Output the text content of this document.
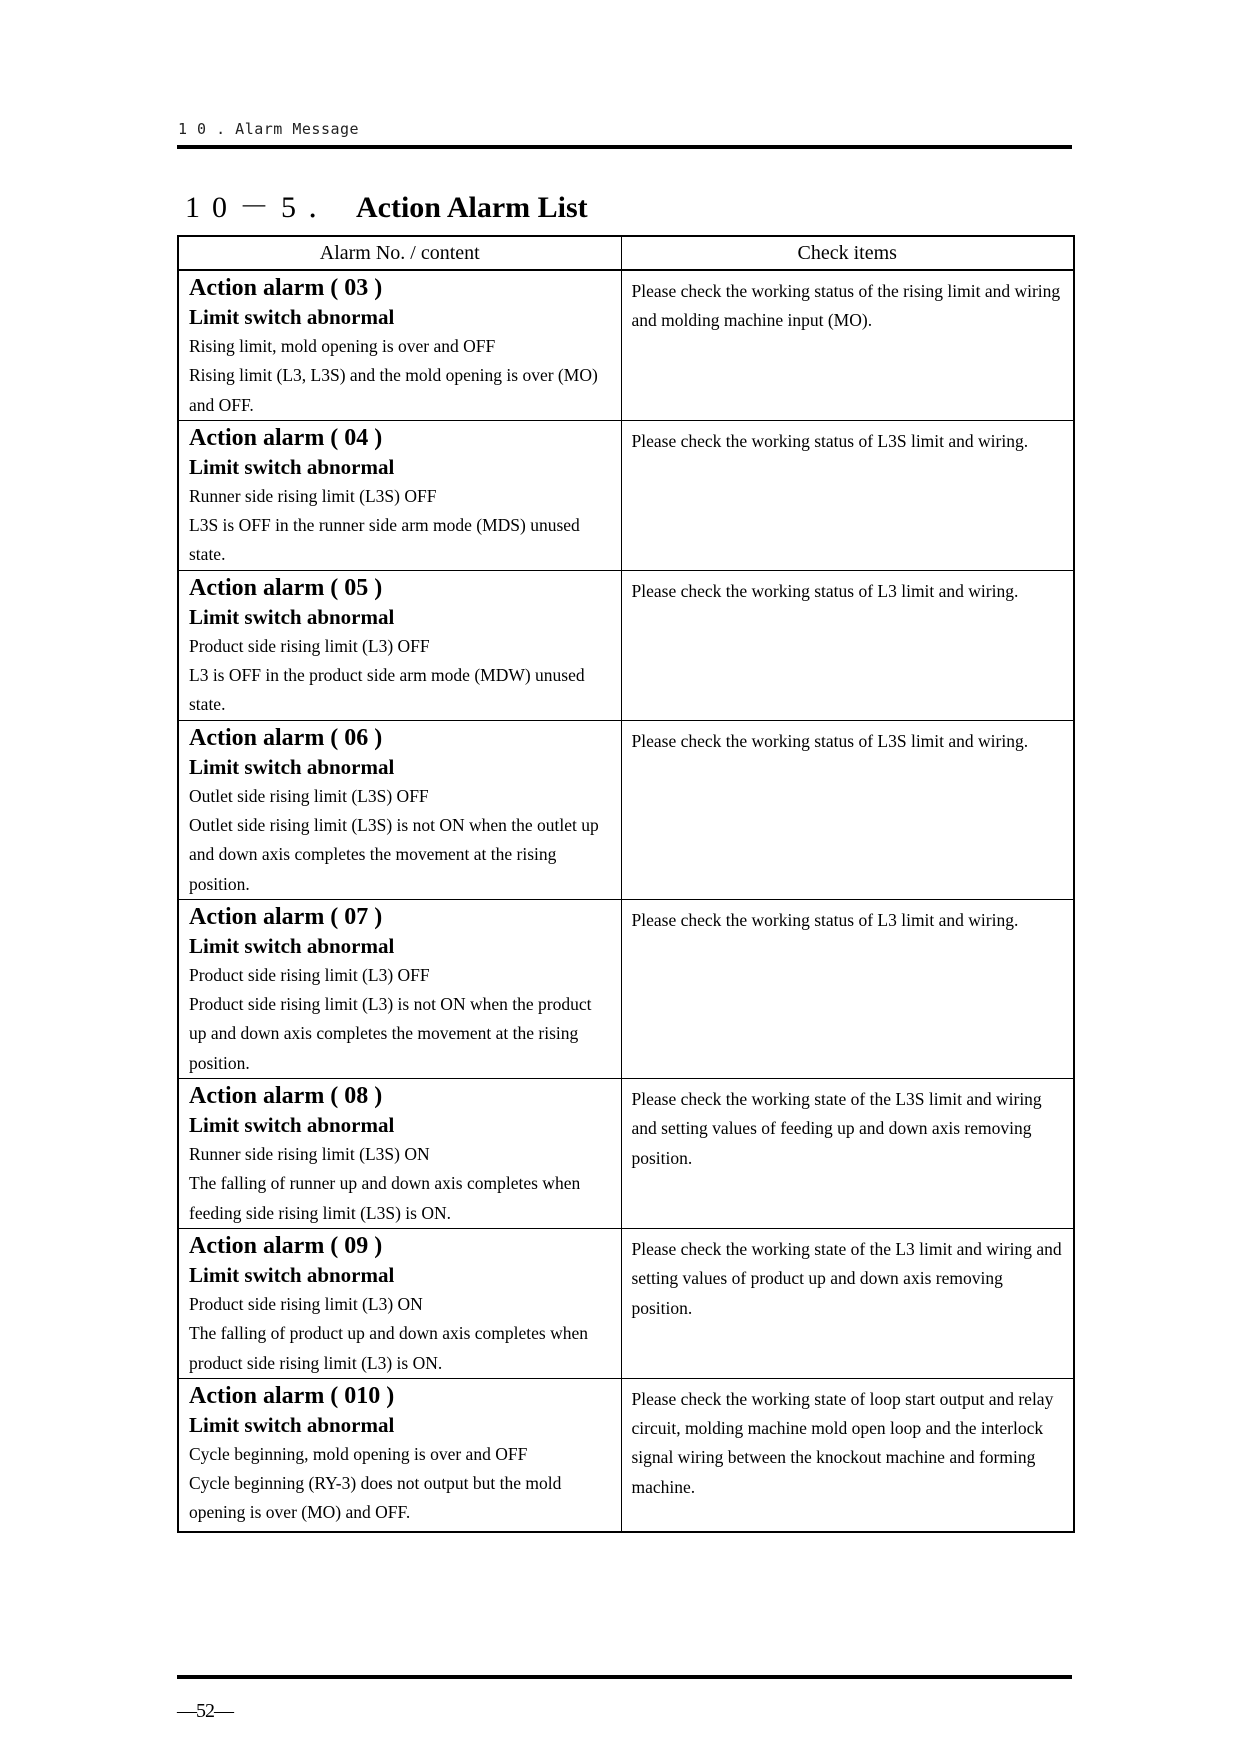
1 0 . Alarm Message
10－5． Action Alarm List
Alarm No. / content	Check items

Action alarm ( 03 )
Limit switch abnormal
Rising limit, mold opening is over and OFF
Rising limit (L3, L3S) and the mold opening is over (MO) and OFF.	Please check the working status of the rising limit and wiring and molding machine input (MO).

Action alarm ( 04 )
Limit switch abnormal
Runner side rising limit (L3S) OFF
L3S is OFF in the runner side arm mode (MDS) unused state.	Please check the working status of L3S limit and wiring.

Action alarm ( 05 )
Limit switch abnormal
Product side rising limit (L3) OFF
L3 is OFF in the product side arm mode (MDW) unused state.	Please check the working status of L3 limit and wiring.

Action alarm ( 06 )
Limit switch abnormal
Outlet side rising limit (L3S) OFF
Outlet side rising limit (L3S) is not ON when the outlet up and down axis completes the movement at the rising position.	Please check the working status of L3S limit and wiring.

Action alarm ( 07 )
Limit switch abnormal
Product side rising limit (L3) OFF
Product side rising limit (L3) is not ON when the product up and down axis completes the movement at the rising position.	Please check the working status of L3 limit and wiring.

Action alarm ( 08 )
Limit switch abnormal
Runner side rising limit (L3S) ON
The falling of runner up and down axis completes when feeding side rising limit (L3S) is ON.	Please check the working state of the L3S limit and wiring and setting values of feeding up and down axis removing position.

Action alarm ( 09 )
Limit switch abnormal
Product side rising limit (L3) ON
The falling of product up and down axis completes when product side rising limit (L3) is ON.	Please check the working state of the L3 limit and wiring and setting values of product up and down axis removing position.

Action alarm ( 010 )
Limit switch abnormal
Cycle beginning, mold opening is over and OFF
Cycle beginning (RY-3) does not output but the mold opening is over (MO) and OFF.	Please check the working state of loop start output and relay circuit, molding machine mold open loop and the interlock signal wiring between the knockout machine and forming machine.
—52—
